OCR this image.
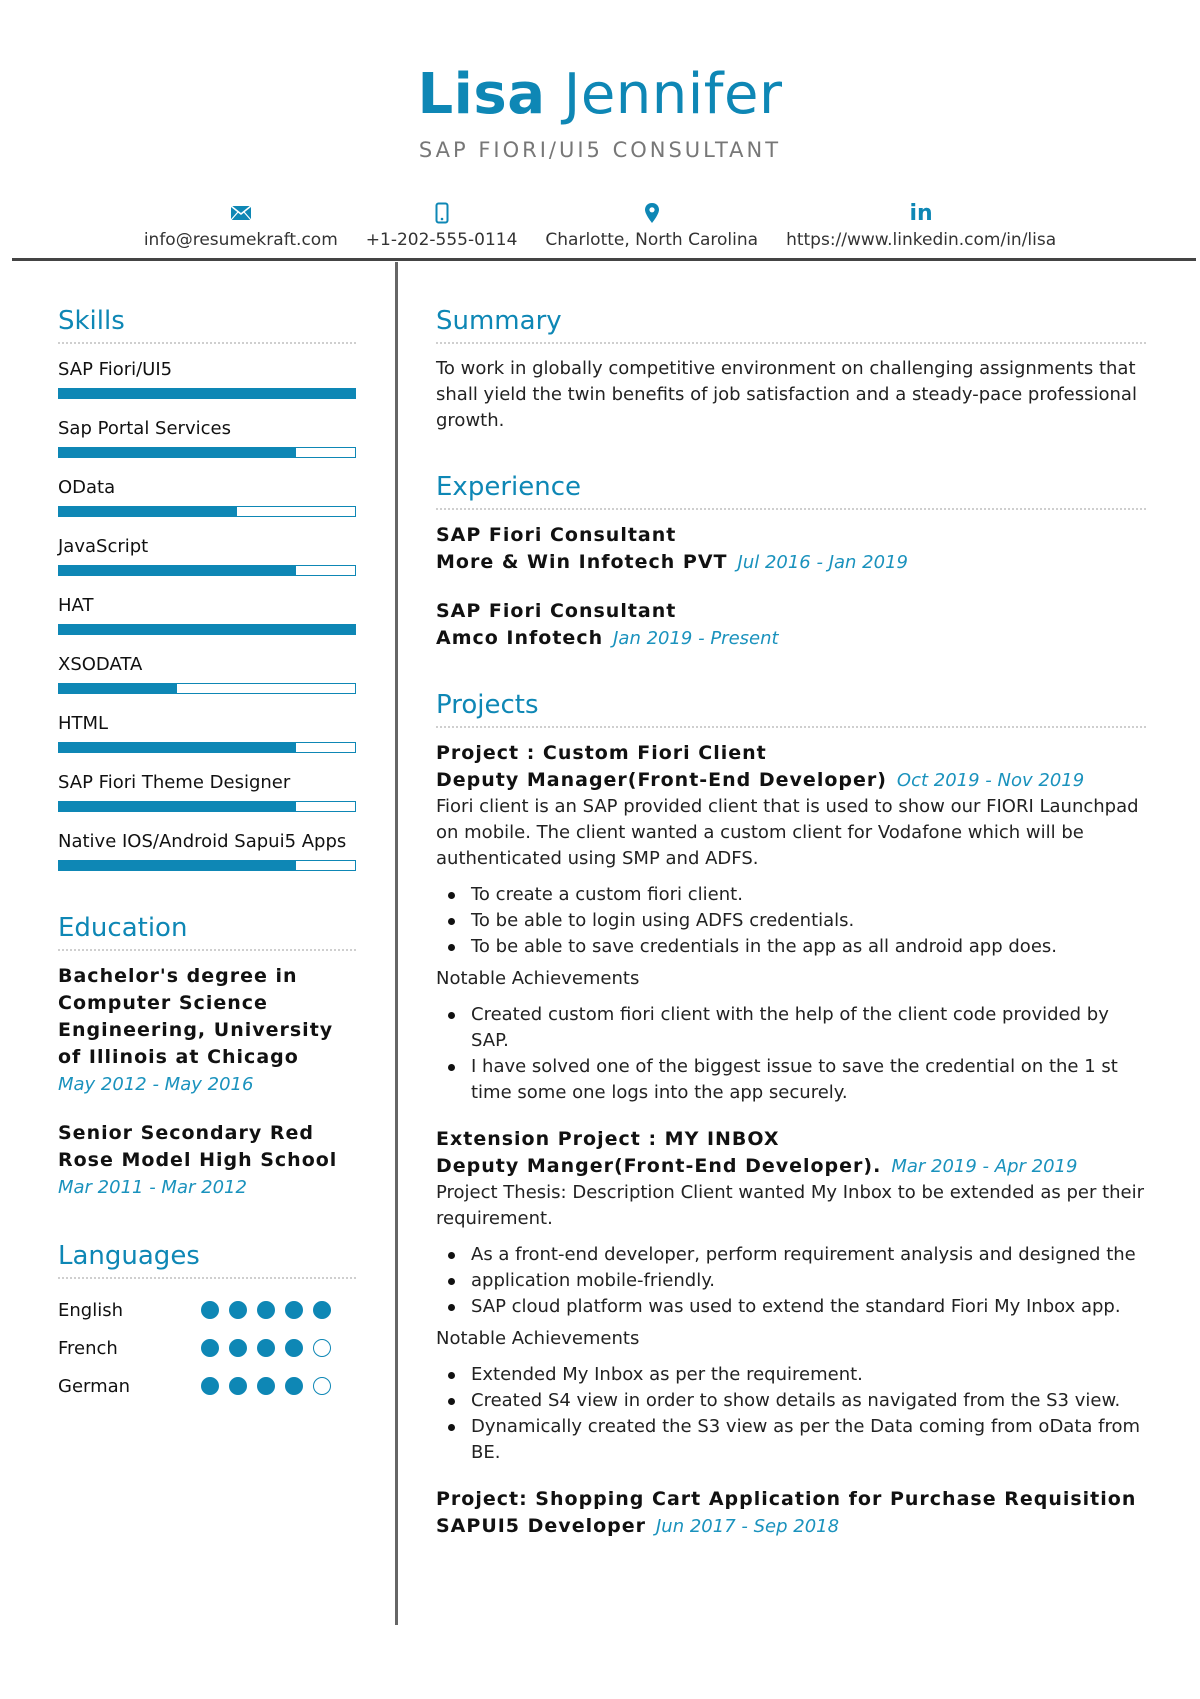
Lisa Jennifer
SAP FIORI/UI5 CONSULTANT
info@resumekraft.com +1-202-555-0114 Charlotte, North Carolina
in
https://www.linkedin.com/in/lisa
Skills
SAP Fiori/UI5
Sap Portal Services
OData
JavaScript
HAT
XSODATA
HTML
SAP Fiori Theme Designer
Native IOS/Android Sapui5 Apps
Education
Bachelor's degree in Computer Science Engineering, University of Illinois at Chicago
May 2012 - May 2016
Senior Secondary Red Rose Model High School
Mar 2011 - Mar 2012
Languages
English
French
German
Summary

To work in globally competitive environment on challenging assignments that shall yield the twin benefits of job satisfaction and a steady-pace professional growth.

Experience
SAP Fiori Consultant
More & Win Infotech PVT Jul 2016 - Jan 2019
SAP Fiori Consultant
Amco Infotech Jan 2019 - Present
Projects
Project : Custom Fiori Client
Deputy Manager(Front-End Developer) Oct 2019 - Nov 2019
Fiori client is an SAP provided client that is used to show our FIORI Launchpad on mobile. The client wanted a custom client for Vodafone which will be authenticated using SMP and ADFS.
To create a custom fiori client.
To be able to login using ADFS credentials.
To be able to save credentials in the app as all android app does.
Notable Achievements
Created custom fiori client with the help of the client code provided by SAP.
I have solved one of the biggest issue to save the credential on the 1 st time some one logs into the app securely.
Extension Project : MY INBOX
Deputy Manger(Front-End Developer). Mar 2019 - Apr 2019
Project Thesis: Description Client wanted My Inbox to be extended as per their requirement.
As a front-end developer, perform requirement analysis and designed the
application mobile-friendly.
SAP cloud platform was used to extend the standard Fiori My Inbox app.
Notable Achievements
Extended My Inbox as per the requirement.
Created S4 view in order to show details as navigated from the S3 view.
Dynamically created the S3 view as per the Data coming from oData from BE.
Project: Shopping Cart Application for Purchase Requisition
SAPUI5 Developer Jun 2017 - Sep 2018
